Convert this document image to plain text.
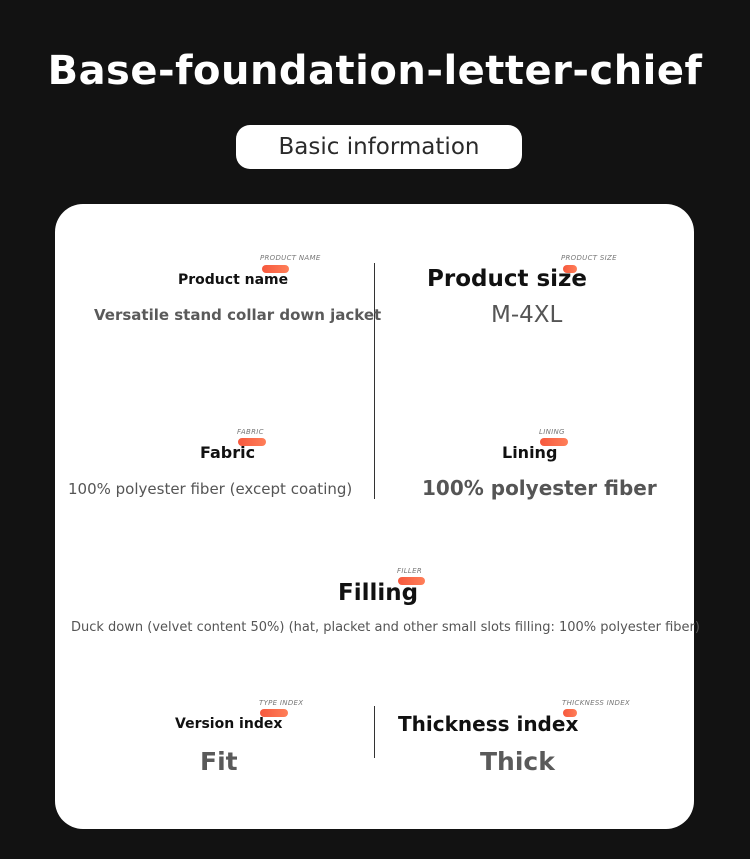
Base-foundation-letter-chief
Basic information
PRODUCT NAME
Product name
Versatile stand collar down jacket
PRODUCT SIZE
Product size
M-4XL
FABRIC
Fabric
100% polyester fiber (except coating)
LINING
Lining
100% polyester fiber
FILLER
Filling
Duck down (velvet content 50%) (hat, placket and other small slots filling: 100% polyester fiber)
TYPE INDEX
Version index
Fit
THICKNESS INDEX
Thickness index
Thick
